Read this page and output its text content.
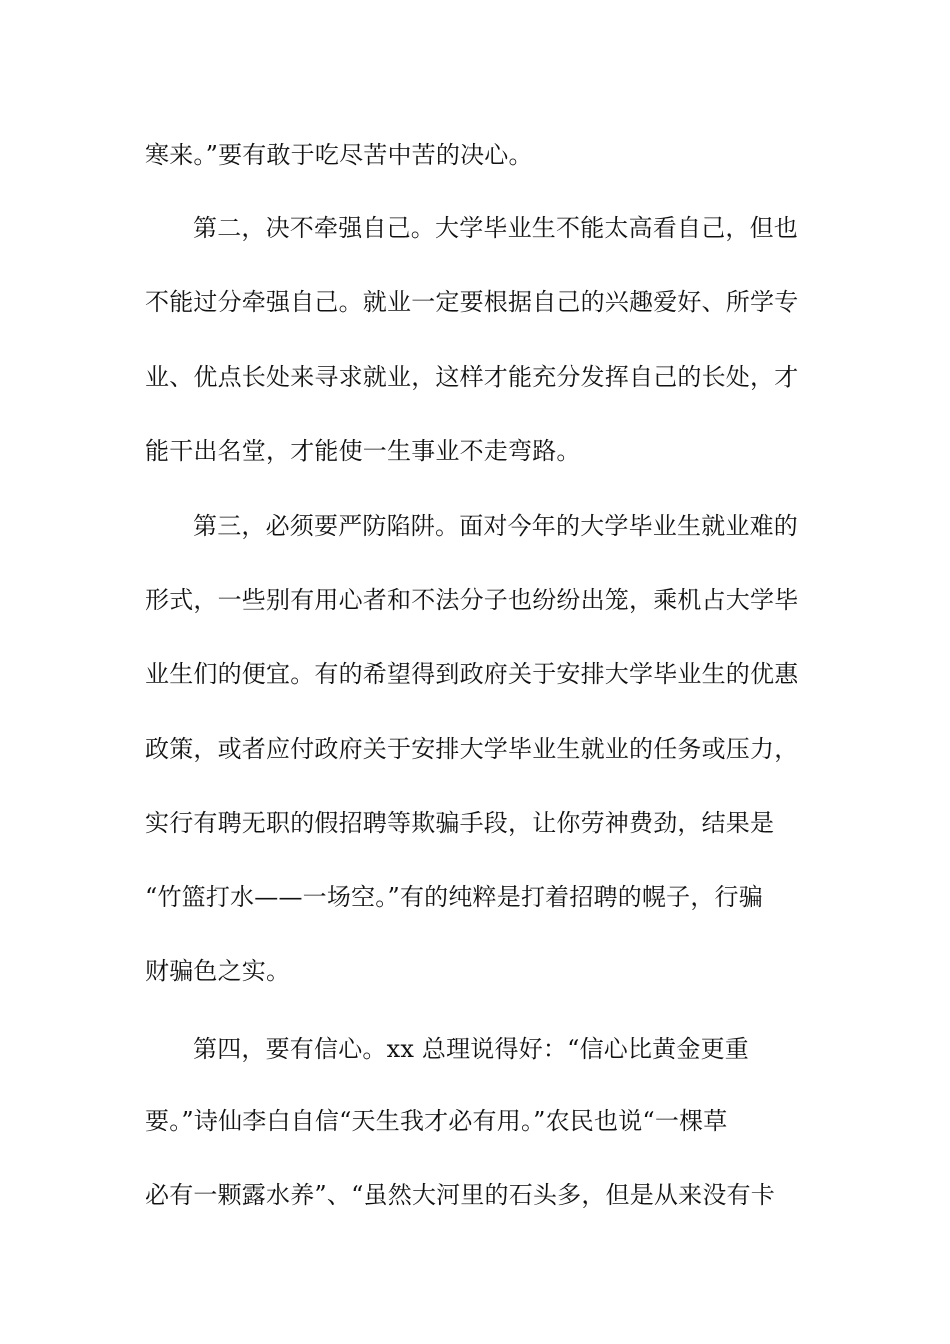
寒来。”要有敢于吃尽苦中苦的决心。
第二，决不牵强自己。大学毕业生不能太高看自己，但也
不能过分牵强自己。就业一定要根据自己的兴趣爱好、所学专
业、优点长处来寻求就业，这样才能充分发挥自己的长处，才
能干出名堂，才能使一生事业不走弯路。
第三，必须要严防陷阱。面对今年的大学毕业生就业难的
形式，一些别有用心者和不法分子也纷纷出笼，乘机占大学毕
业生们的便宜。有的希望得到政府关于安排大学毕业生的优惠
政策，或者应付政府关于安排大学毕业生就业的任务或压力，
实行有聘无职的假招聘等欺骗手段，让你劳神费劲，结果是
“竹篮打水——一场空。”有的纯粹是打着招聘的幌子，行骗
财骗色之实。
第四，要有信心。xx 总理说得好：“信心比黄金更重
要。”诗仙李白自信“天生我才必有用。”农民也说“一棵草
必有一颗露水养”、“虽然大河里的石头多，但是从来没有卡
